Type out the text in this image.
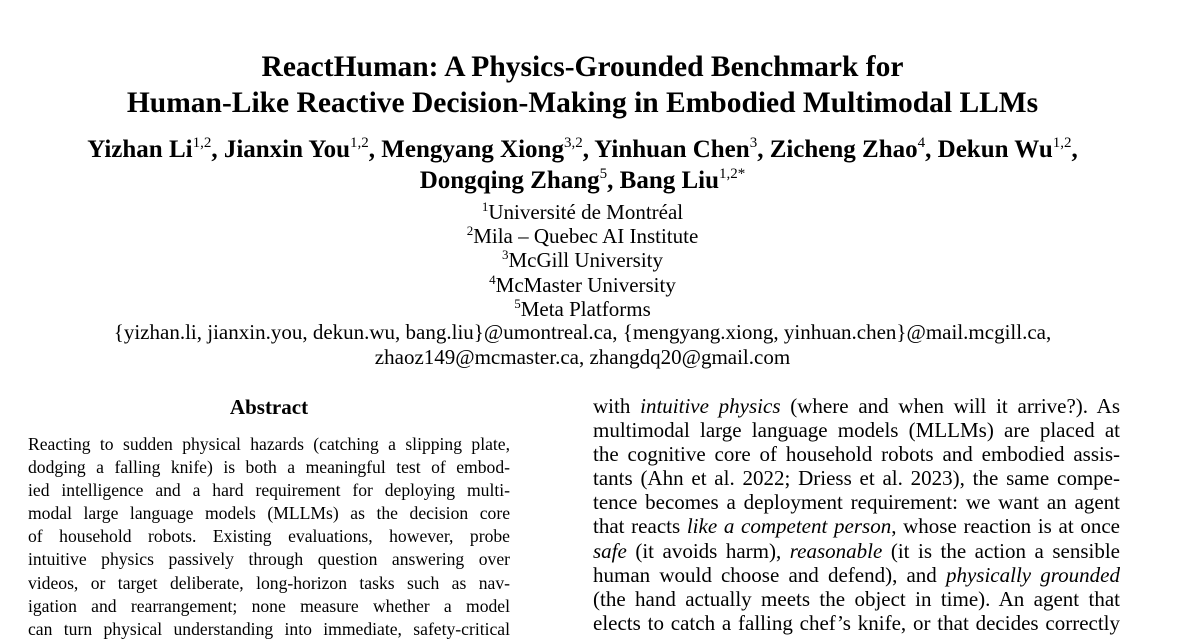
ReactHuman: A Physics-Grounded Benchmark for
Human-Like Reactive Decision-Making in Embodied Multimodal LLMs
Yizhan Li$^{1,2}$, Jianxin You$^{1,2}$, Mengyang Xiong$^{3,2}$, Yinhuan Chen$^3$, Zicheng Zhao$^4$, Dekun Wu$^{1,2}$,
Dongqing Zhang$^5$, Bang Liu$^{1,2*}$
$^1$Université de Montréal
$^2$Mila – Quebec AI Institute
$^3$McGill University
$^4$McMaster University
$^5$Meta Platforms
{yizhan.li, jianxin.you, dekun.wu, bang.liu}@umontreal.ca, {mengyang.xiong, yinhuan.chen}@mail.mcgill.ca,
zhaoz149@mcmaster.ca, zhangdq20@gmail.com
Abstract
Reacting to sudden physical hazards (catching a slipping plate,
dodging a falling knife) is both a meaningful test of embod-
ied intelligence and a hard requirement for deploying multi-
modal large language models (MLLMs) as the decision core
of household robots. Existing evaluations, however, probe
intuitive physics passively through question answering over
videos, or target deliberate, long-horizon tasks such as nav-
igation and rearrangement; none measure whether a model
can turn physical understanding into immediate, safety-critical
with intuitive physics (where and when will it arrive?). As
multimodal large language models (MLLMs) are placed at
the cognitive core of household robots and embodied assis-
tants (Ahn et al. 2022; Driess et al. 2023), the same compe-
tence becomes a deployment requirement: we want an agent
that reacts like a competent person, whose reaction is at once
safe (it avoids harm), reasonable (it is the action a sensible
human would choose and defend), and physically grounded
(the hand actually meets the object in time). An agent that
elects to catch a falling chef’s knife, or that decides correctly
